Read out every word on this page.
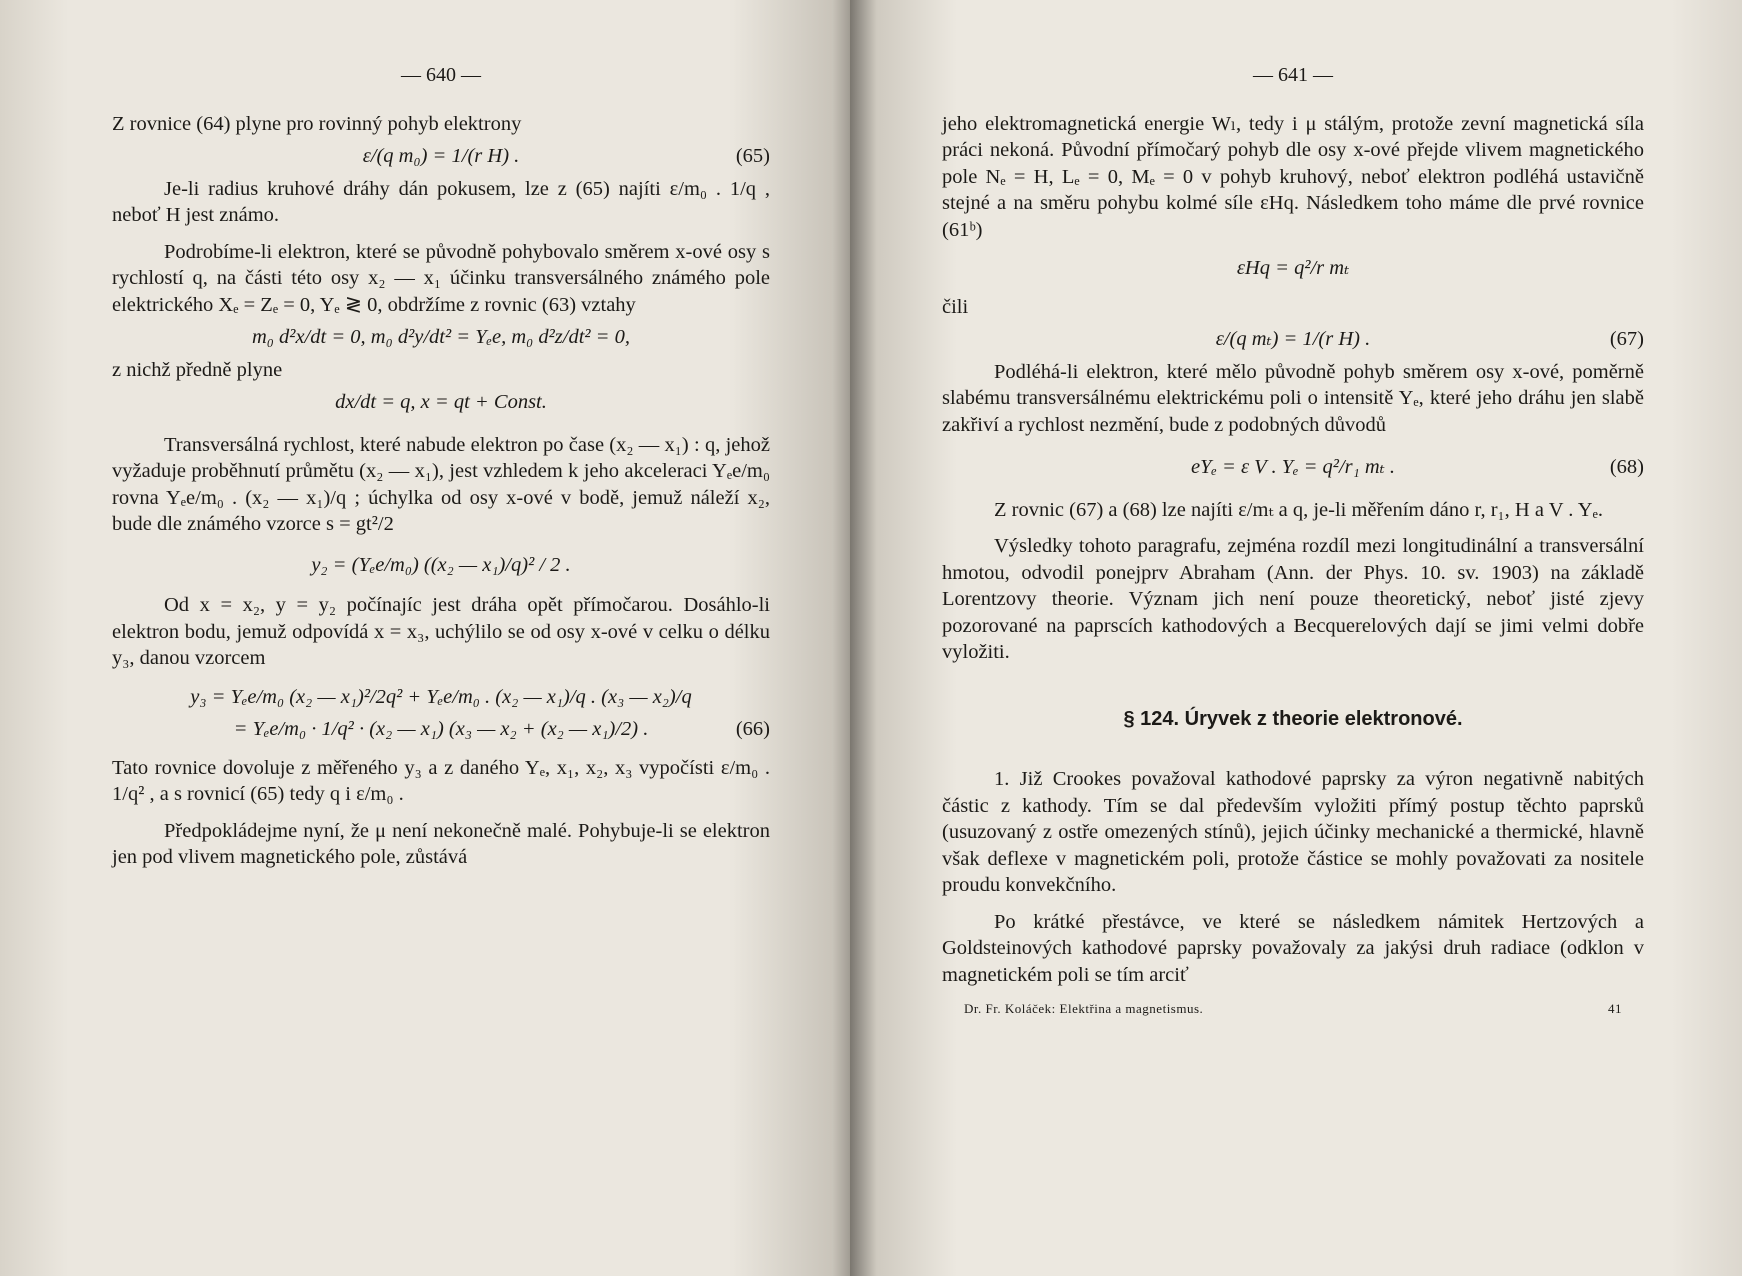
— 640 —

Z rovnice (64) plyne pro rovinný pohyb elektrony

ε/(q m₀) = 1/(r H) .	(65)

Je-li radius kruhové dráhy dán pokusem, lze z (65) najíti ε/m₀ . 1/q , neboť H jest známo.

Podrobíme-li elektron, které se původně pohybovalo směrem x-ové osy s rychlostí q, na části této osy x₂ — x₁ účinku transversálného známého pole elektrického Xₑ = Zₑ = 0, Yₑ ≷ 0, obdržíme z rovnic (63) vztahy

m₀ d²x/dt = 0, m₀ d²y/dt² = Yₑe, m₀ d²z/dt² = 0,

z nichž předně plyne

dx/dt = q, x = qt + Const.

Transversálná rychlost, které nabude elektron po čase (x₂ — x₁) : q, jehož vyžaduje proběhnutí průmětu (x₂ — x₁), jest vzhledem k jeho akceleraci Yₑe/m₀ rovna Yₑe/m₀ . (x₂ — x₁)/q ; úchylka od osy x-ové v bodě, jemuž náleží x₂, bude dle známého vzorce s = gt²/2

y₂ = (Yₑe/m₀) ((x₂ — x₁)/q)² / 2 .

Od x = x₂, y = y₂ počínajíc jest dráha opět přímočarou. Dosáhlo-li elektron bodu, jemuž odpovídá x = x₃, uchýlilo se od osy x-ové v celku o délku y₃, danou vzorcem

y₃ = Yₑe/m₀ (x₂ — x₁)²/2q² + Yₑe/m₀ . (x₂ — x₁)/q . (x₃ — x₂)/q
= Yₑe/m₀ · 1/q² · (x₂ — x₁) (x₃ — x₂ + (x₂ — x₁)/2) .	(66)

Tato rovnice dovoluje z měřeného y₃ a z daného Yₑ, x₁, x₂, x₃ vypočísti ε/m₀ . 1/q² , a s rovnicí (65) tedy q i ε/m₀ .

Předpokládejme nyní, že μ není nekonečně malé. Pohybuje-li se elektron jen pod vlivem magnetického pole, zůstává

— 641 —

jeho elektromagnetická energie Wₗ, tedy i μ stálým, protože zevní magnetická síla práci nekoná. Původní přímočarý pohyb dle osy x-ové přejde vlivem magnetického pole Nₑ = H, Lₑ = 0, Mₑ = 0 v pohyb kruhový, neboť elektron podléhá ustavičně stejné a na směru pohybu kolmé síle εHq. Následkem toho máme dle prvé rovnice (61ᵇ)

εHq = q²/r mₜ

čili

ε/(q mₜ) = 1/(r H) .	(67)

Podléhá-li elektron, které mělo původně pohyb směrem osy x-ové, poměrně slabému transversálnému elektrickému poli o intensitě Yₑ, které jeho dráhu jen slabě zakřiví a rychlost nezmění, bude z podobných důvodů

eYₑ = ε V . Yₑ = q²/r₁ mₜ .	(68)

Z rovnic (67) a (68) lze najíti ε/mₜ a q, je-li měřením dáno r, r₁, H a V . Yₑ.

Výsledky tohoto paragrafu, zejména rozdíl mezi longitudinální a transversální hmotou, odvodil ponejprv Abraham (Ann. der Phys. 10. sv. 1903) na základě Lorentzovy theorie. Význam jich není pouze theoretický, neboť jisté zjevy pozorované na paprscích kathodových a Becquerelových dají se jimi velmi dobře vyložiti.

§ 124. Úryvek z theorie elektronové.

1. Již Crookes považoval kathodové paprsky za výron negativně nabitých částic z kathody. Tím se dal především vyložiti přímý postup těchto paprsků (usuzovaný z ostře omezených stínů), jejich účinky mechanické a thermické, hlavně však deflexe v magnetickém poli, protože částice se mohly považovati za nositele proudu konvekčního.

Po krátké přestávce, ve které se následkem námitek Hertzových a Goldsteinových kathodové paprsky považovaly za jakýsi druh radiace (odklon v magnetickém poli se tím arciť

Dr. Fr. Koláček: Elektřina a magnetismus.	41
